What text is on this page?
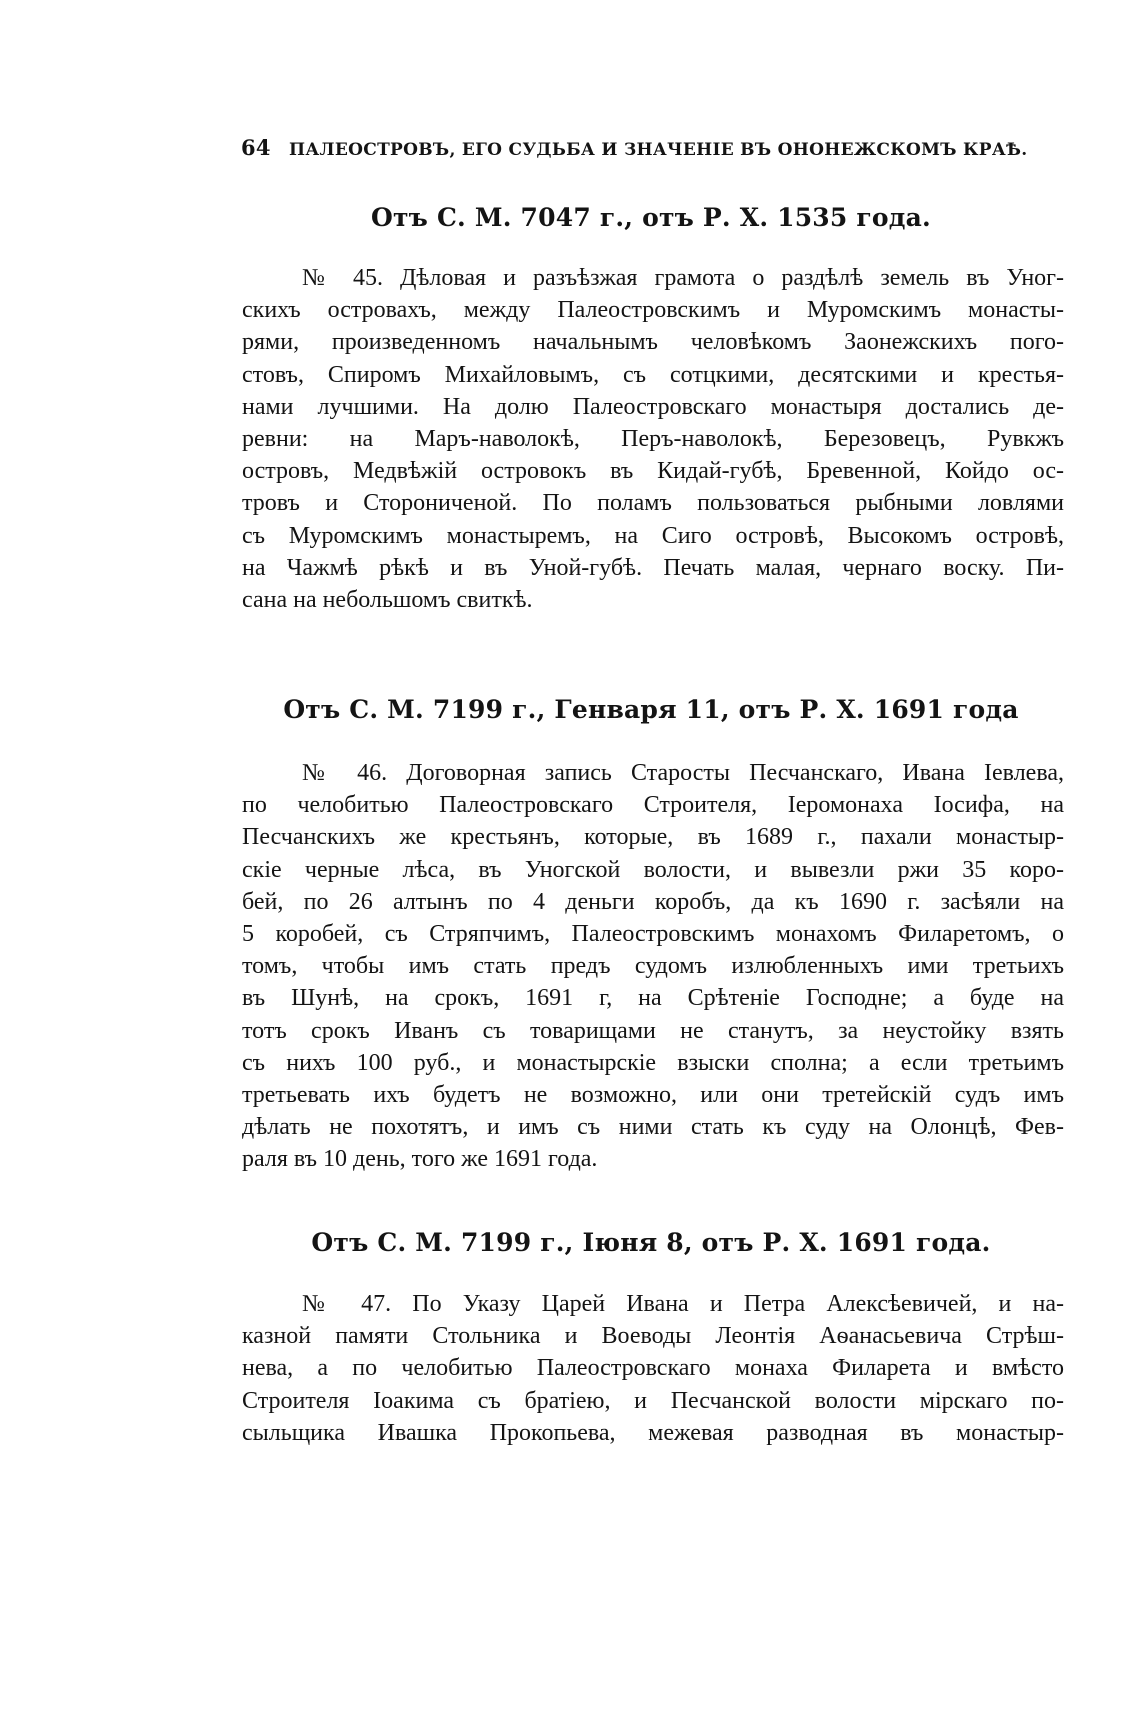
64 ПАЛЕОСТРОВЪ, ЕГО СУДЬБА И ЗНАЧЕНІЕ ВЪ ОНОНЕЖСКОМЪ КРАѢ.
Отъ С. М. 7047 г., отъ Р. Х. 1535 года.
№ 45. Дѣловая и разъѣзжая грамота о раздѣлѣ земель въ Уног-
скихъ островахъ, между Палеостровскимъ и Муромскимъ монасты-
рями, произведенномъ начальнымъ человѣкомъ Заонежскихъ пого-
стовъ, Спиромъ Михайловымъ, съ сотцкими, десятскими и крестья-
нами лучшими. На долю Палеостровскаго монастыря достались де-
ревни: на Маръ-наволокѣ, Перъ-наволокѣ, Березовецъ, Рувкжъ
островъ, Медвѣжій островокъ въ Кидай-губѣ, Бревенной, Койдо ос-
тровъ и Сторониченой. По поламъ пользоваться рыбными ловлями
съ Муромскимъ монастыремъ, на Сиго островѣ, Высокомъ островѣ,
на Чажмѣ рѣкѣ и въ Уной-губѣ. Печать малая, чернаго воску. Пи-
сана на небольшомъ свиткѣ.
Отъ С. М. 7199 г., Генваря 11, отъ Р. Х. 1691 года
№ 46. Договорная запись Старосты Песчанскаго, Ивана Іевлева,
по челобитью Палеостровскаго Строителя, Іеромонаха Іосифа, на
Песчанскихъ же крестьянъ, которые, въ 1689 г., пахали монастыр-
скіе черные лѣса, въ Уногской волости, и вывезли ржи 35 коро-
бей, по 26 алтынъ по 4 деньги коробъ, да къ 1690 г. засѣяли на
5 коробей, съ Стряпчимъ, Палеостровскимъ монахомъ Филаретомъ, о
томъ, чтобы имъ стать предъ судомъ излюбленныхъ ими третьихъ
въ Шунѣ, на срокъ, 1691 г, на Срѣтеніе Господне; а буде на
тотъ срокъ Иванъ съ товарищами не станутъ, за неустойку взять
съ нихъ 100 руб., и монастырскіе взыски сполна; а если третьимъ
третьевать ихъ будетъ не возможно, или они третейскій судъ имъ
дѣлать не похотятъ, и имъ съ ними стать къ суду на Олонцѣ, Фев-
раля въ 10 день, того же 1691 года.
Отъ С. М. 7199 г., Іюня 8, отъ Р. Х. 1691 года.
№ 47. По Указу Царей Ивана и Петра Алексѣевичей, и на-
казной памяти Стольника и Воеводы Леонтія Аѳанасьевича Стрѣш-
нева, а по челобитью Палеостровскаго монаха Филарета и вмѣсто
Строителя Іоакима съ братіею, и Песчанской волости мірскаго по-
сыльщика Ивашка Прокопьева, межевая разводная въ монастыр-
